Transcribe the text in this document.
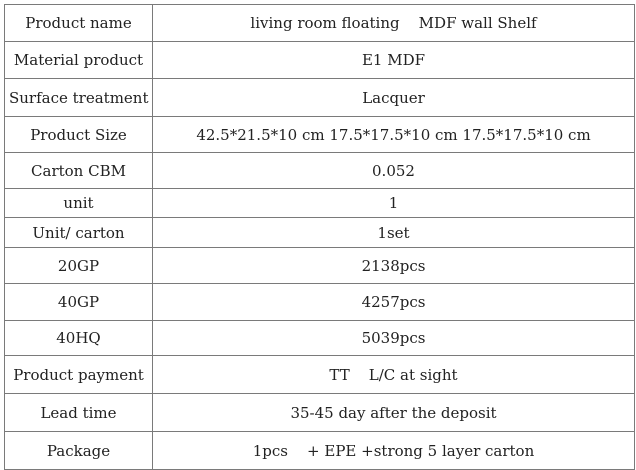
Product name	living room floating    MDF wall Shelf
Material product	E1 MDF
Surface treatment	Lacquer
Product Size	42.5*21.5*10 cm 17.5*17.5*10 cm 17.5*17.5*10 cm
Carton CBM	0.052
unit	1
Unit/ carton	1set
20GP	2138pcs
40GP	4257pcs
40HQ	5039pcs
Product payment	TT    L/C at sight
Lead time	35-45 day after the deposit
Package	1pcs    + EPE +strong 5 layer carton
